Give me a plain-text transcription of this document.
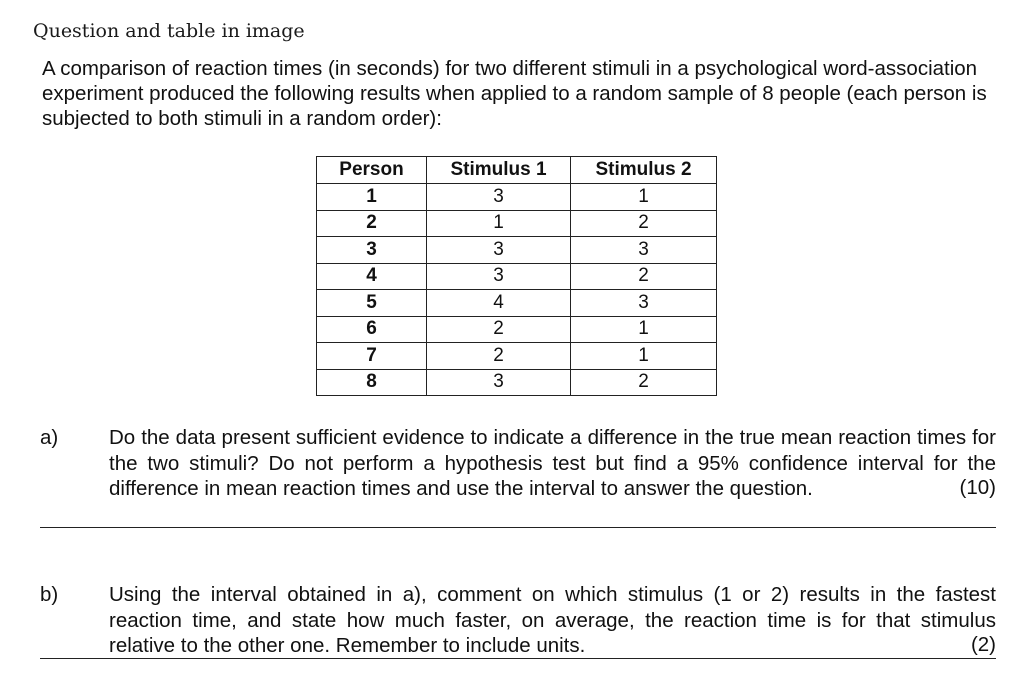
Question and table in image
A comparison of reaction times (in seconds) for two different stimuli in a psychological word-association experiment produced the following results when applied to a random sample of 8 people (each person is subjected to both stimuli in a random order):
Person	Stimulus 1	Stimulus 2
1	3	1
2	1	2
3	3	3
4	3	2
5	4	3
6	2	1
7	2	1
8	3	2
a) Do the data present sufficient evidence to indicate a difference in the true mean reaction times for the two stimuli? Do not perform a hypothesis test but find a 95% confidence interval for the difference in mean reaction times and use the interval to answer the question.	(10)
b) Using the interval obtained in a), comment on which stimulus (1 or 2) results in the fastest reaction time, and state how much faster, on average, the reaction time is for that stimulus relative to the other one. Remember to include units.	(2)
